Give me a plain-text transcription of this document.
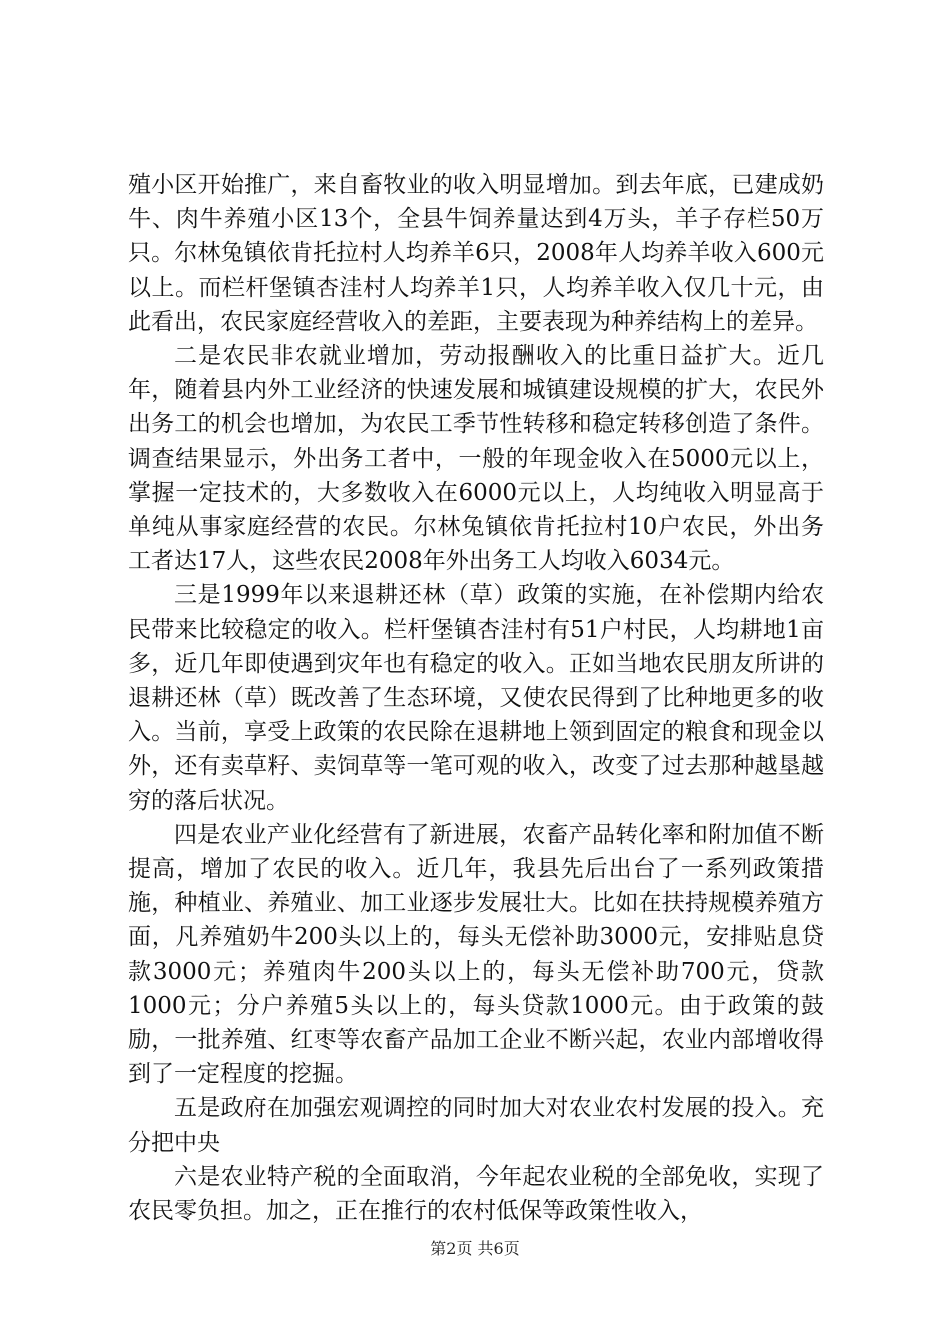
殖小区开始推广，来自畜牧业的收入明显增加。到去年底，已建成奶牛、肉牛养殖小区13个，全县牛饲养量达到4万头，羊子存栏50万只。尔林兔镇依肯托拉村人均养羊6只，2008年人均养羊收入600元以上。而栏杆堡镇杏洼村人均养羊1只，人均养羊收入仅几十元，由此看出，农民家庭经营收入的差距，主要表现为种养结构上的差异。

二是农民非农就业增加，劳动报酬收入的比重日益扩大。近几年，随着县内外工业经济的快速发展和城镇建设规模的扩大，农民外出务工的机会也增加，为农民工季节性转移和稳定转移创造了条件。调查结果显示，外出务工者中，一般的年现金收入在5000元以上，掌握一定技术的，大多数收入在6000元以上，人均纯收入明显高于单纯从事家庭经营的农民。尔林兔镇依肯托拉村10户农民，外出务工者达17人，这些农民2008年外出务工人均收入6034元。

三是1999年以来退耕还林（草）政策的实施，在补偿期内给农民带来比较稳定的收入。栏杆堡镇杏洼村有51户村民，人均耕地1亩多，近几年即使遇到灾年也有稳定的收入。正如当地农民朋友所讲的退耕还林（草）既改善了生态环境，又使农民得到了比种地更多的收入。当前，享受上政策的农民除在退耕地上领到固定的粮食和现金以外，还有卖草籽、卖饲草等一笔可观的收入，改变了过去那种越垦越穷的落后状况。

四是农业产业化经营有了新进展，农畜产品转化率和附加值不断提高，增加了农民的收入。近几年，我县先后出台了一系列政策措施，种植业、养殖业、加工业逐步发展壮大。比如在扶持规模养殖方面，凡养殖奶牛200头以上的，每头无偿补助3000元，安排贴息贷款3000元；养殖肉牛200头以上的，每头无偿补助700元，贷款1000元；分户养殖5头以上的，每头贷款1000元。由于政策的鼓励，一批养殖、红枣等农畜产品加工企业不断兴起，农业内部增收得到了一定程度的挖掘。

五是政府在加强宏观调控的同时加大对农业农村发展的投入。充分把中央

六是农业特产税的全面取消，今年起农业税的全部免收，实现了农民零负担。加之，正在推行的农村低保等政策性收入，

第2页 共6页
